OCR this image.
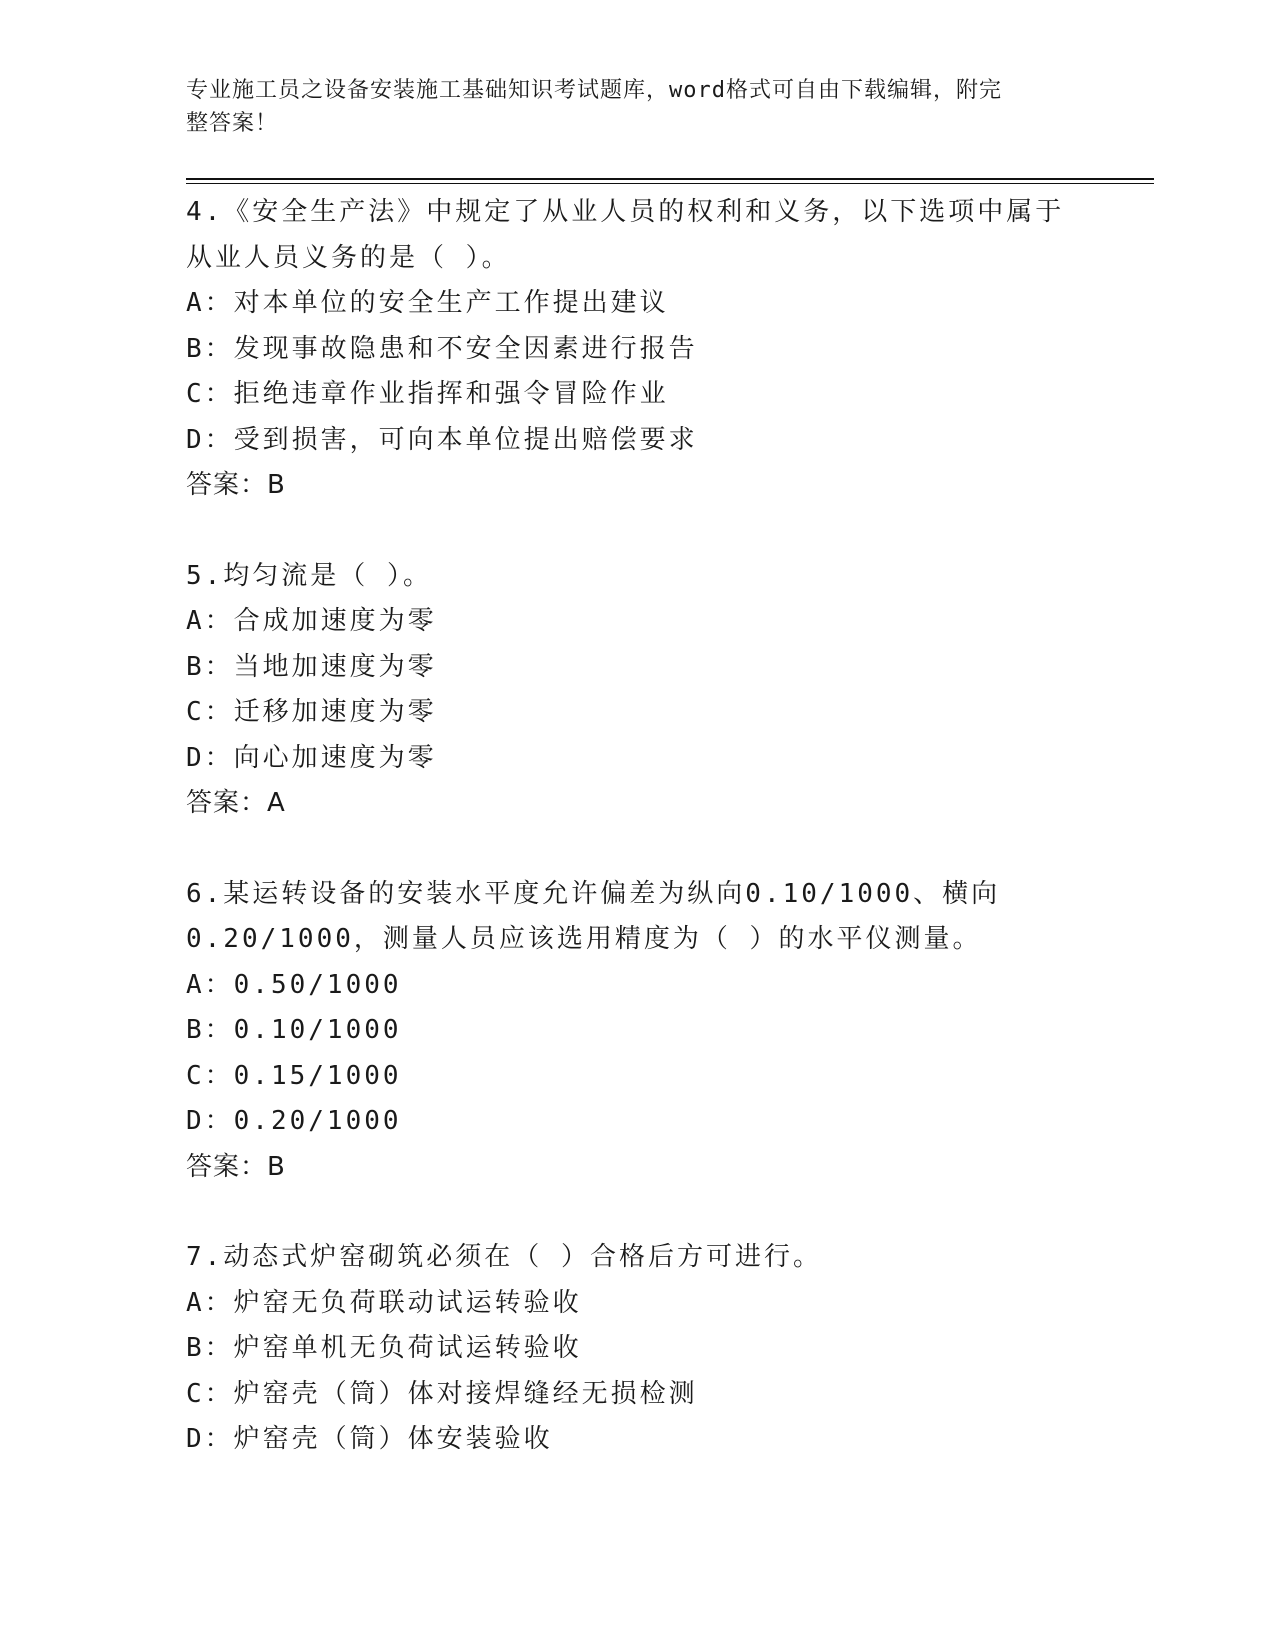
专业施工员之设备安装施工基础知识考试题库，word格式可自由下载编辑，附完
整答案！
4.《安全生产法》中规定了从业人员的权利和义务，以下选项中属于
从业人员义务的是（ ）。
A：对本单位的安全生产工作提出建议
B：发现事故隐患和不安全因素进行报告
C：拒绝违章作业指挥和强令冒险作业
D：受到损害，可向本单位提出赔偿要求
答案：B
5.均匀流是（ ）。
A：合成加速度为零
B：当地加速度为零
C：迁移加速度为零
D：向心加速度为零
答案：A
6.某运转设备的安装水平度允许偏差为纵向0.10/1000、横向
0.20/1000，测量人员应该选用精度为（ ）的水平仪测量。
A：0.50/1000
B：0.10/1000
C：0.15/1000
D：0.20/1000
答案：B
7.动态式炉窑砌筑必须在（ ）合格后方可进行。
A：炉窑无负荷联动试运转验收
B：炉窑单机无负荷试运转验收
C：炉窑壳（筒）体对接焊缝经无损检测
D：炉窑壳（筒）体安装验收
